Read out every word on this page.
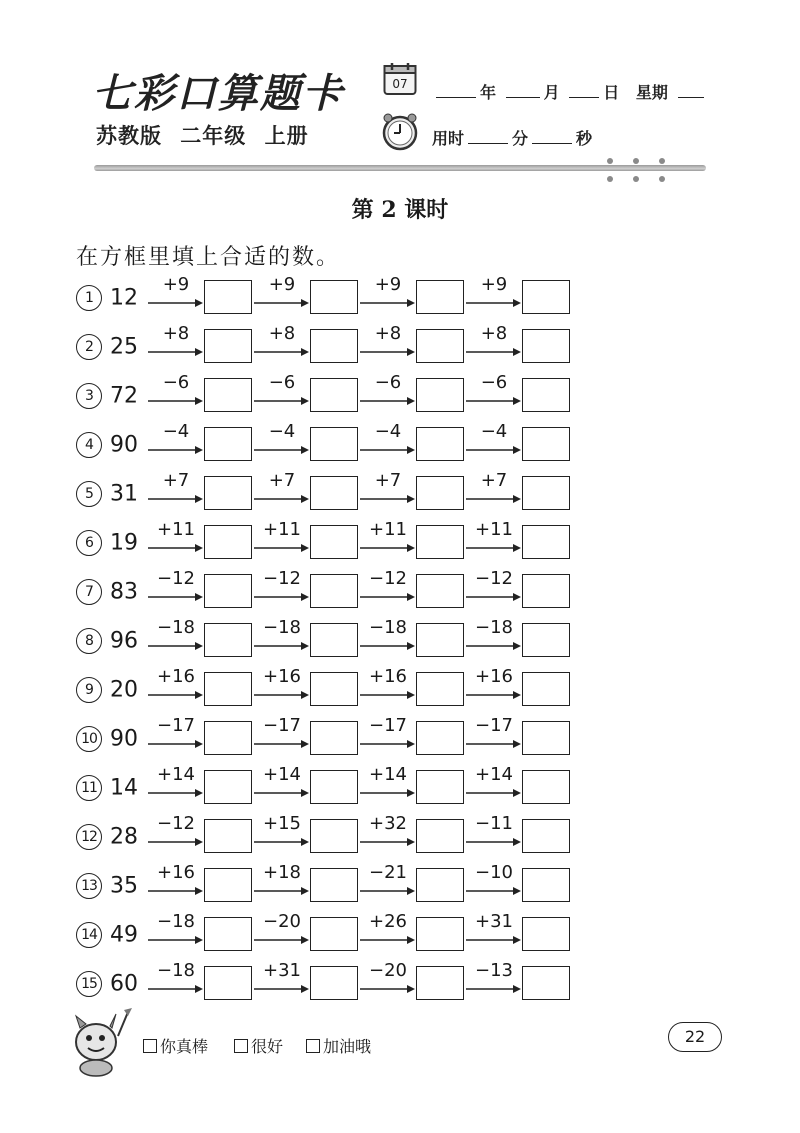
七彩口算题卡
苏教版 二年级 上册
07	年	月	日 星期
用时	分	秒
第 2 课时
在方框里填上合适的数。
1 12
+9	+9	+9	+9
2 25
+8	+8	+8	+8
3 72
−6	−6	−6	−6
4 90
−4	−4	−4	−4
5 31
+7	+7	+7	+7
6 19
+11	+11	+11	+11
7 83
−12	−12	−12	−12
8 96
−18	−18	−18	−18
9 20
+16	+16	+16	+16
10 90
−17	−17	−17	−17
11 14
+14	+14	+14	+14
12 28
−12	+15	+32	−11
13 35
+16	+18	−21	−10
14 49
−18	−20	+26	+31
15 60
−18	+31	−20	−13
你真棒	很好	加油哦
22
